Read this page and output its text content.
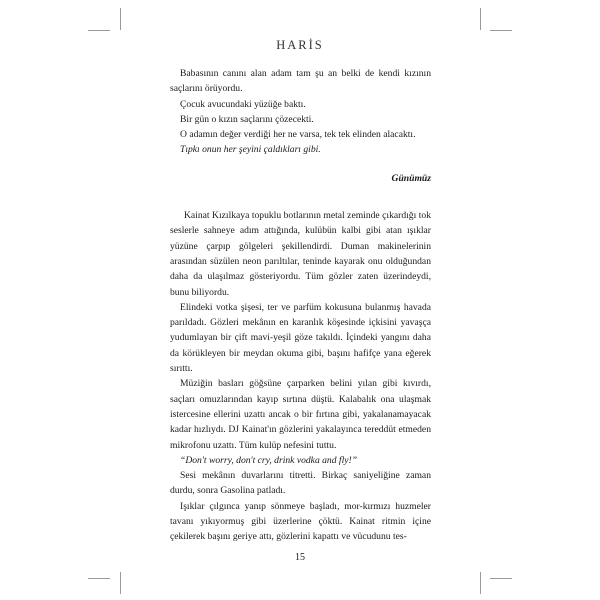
HARİS

Babasının canını alan adam tam şu an belki de kendi kızının saçlarını örüyordu.

Çocuk avucundaki yüzüğe baktı.

Bir gün o kızın saçlarını çözecekti.

O adamın değer verdiği her ne varsa, tek tek elinden alacaktı.

Tıpkı onun her şeyini çaldıkları gibi.

Günümüz

Kainat Kızılkaya topuklu botlarının metal zeminde çıkardığı tok seslerle sahneye adım attığında, kulübün kalbi gibi atan ışıklar yüzüne çarpıp gölgeleri şekillendirdi. Duman makinelerinin arasından süzülen neon parıltılar, teninde kayarak onu olduğundan daha da ulaşılmaz gösteriyordu. Tüm gözler zaten üzerindeydi, bunu biliyordu.

Elindeki votka şişesi, ter ve parfüm kokusuna bulanmış havada parıldadı. Gözleri mekânın en karanlık köşesinde içkisini yavaşça yudumlayan bir çift mavi-yeşil göze takıldı. İçindeki yangını daha da körükleyen bir meydan okuma gibi, başını hafifçe yana eğerek sırıttı.

Müziğin basları göğsüne çarparken belini yılan gibi kıvırdı, saçları omuzlarından kayıp sırtına düştü. Kalabalık ona ulaşmak istercesine ellerini uzattı ancak o bir fırtına gibi, yakalanamayacak kadar hızlıydı. DJ Kainat'ın gözlerini yakalayınca tereddüt etmeden mikrofonu uzattı. Tüm kulüp nefesini tuttu.

“Don't worry, don't cry, drink vodka and fly!”

Sesi mekânın duvarlarını titretti. Birkaç saniyeliğine zaman durdu, sonra Gasolina patladı.

Işıklar çılgınca yanıp sönmeye başladı, mor-kırmızı huzmeler tavanı yıkıyormuş gibi üzerlerine çöktü. Kainat ritmin içine çekilerek başını geriye attı, gözlerini kapattı ve vücudunu tes-

15
